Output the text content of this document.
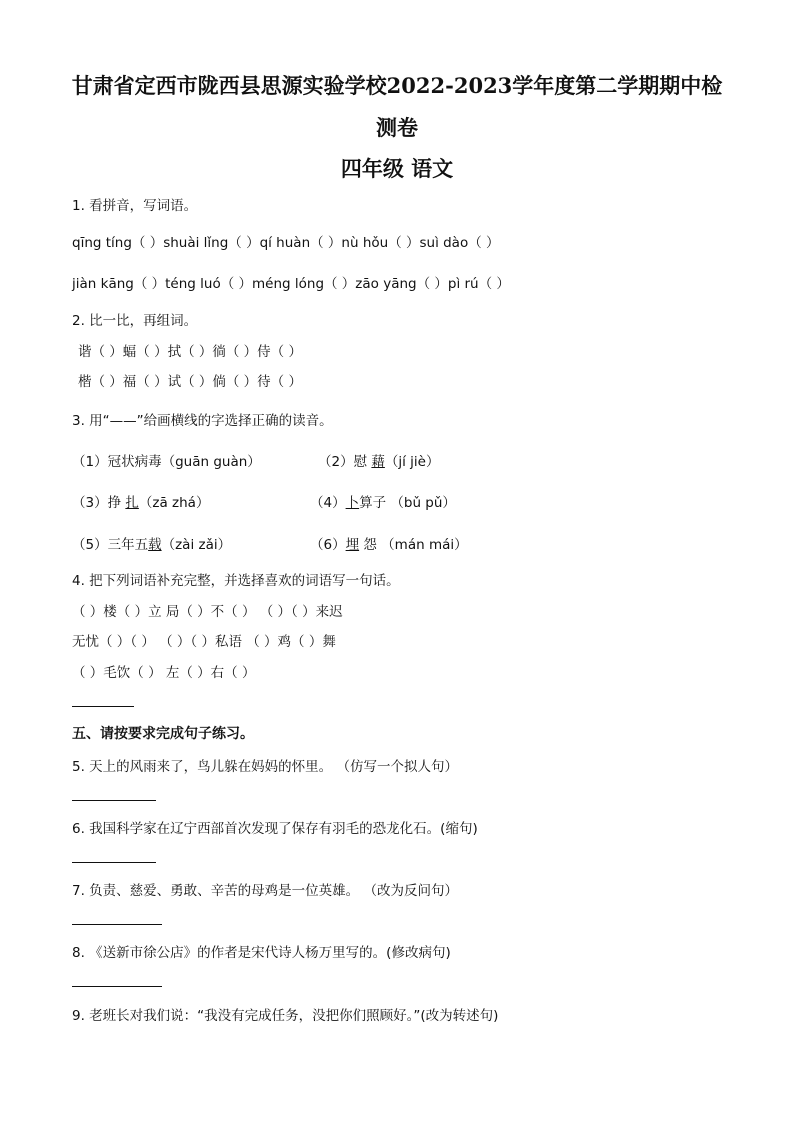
甘肃省定西市陇西县思源实验学校2022-2023学年度第二学期期中检
测卷
四年级 语文
1. 看拼音，写词语。
qīng tíng（ ）shuài lǐng（ ）qí huàn（ ）nù hǒu（ ）suì dào（ ）
jiàn kāng（ ）téng luó（ ）méng lóng（ ）zāo yāng（ ）pì rú（ ）
2. 比一比，再组词。
谐（ ）蝠（ ）拭（ ）徜（ ）侍（ ）
楷（ ）福（ ）试（ ）倘（ ）待（ ）
3. 用“——”给画横线的字选择正确的读音。
（1）冠状病毒（guān guàn）	（2）慰 藉（jí jiè）
（3）挣 扎（zā zhá）	（4）卜算子 （bǔ pǔ）
（5）三年五载（zài zǎi）	（6）埋 怨 （mán mái）
4. 把下列词语补充完整，并选择喜欢的词语写一句话。
（ ）楼（ ）立 局（ ）不（ ） （ ）（ ）来迟
无忧（ ）（ ） （ ）（ ）私语 （ ）鸡（ ）舞
（ ）毛饮（ ） 左（ ）右（ ）
五、请按要求完成句子练习。
5. 天上的风雨来了，鸟儿躲在妈妈的怀里。 （仿写一个拟人句）
6. 我国科学家在辽宁西部首次发现了保存有羽毛的恐龙化石。(缩句)
7. 负责、慈爱、勇敢、辛苦的母鸡是一位英雄。 （改为反问句）
8. 《送新市徐公店》的作者是宋代诗人杨万里写的。(修改病句)
9. 老班长对我们说：“我没有完成任务，没把你们照顾好。”(改为转述句)
